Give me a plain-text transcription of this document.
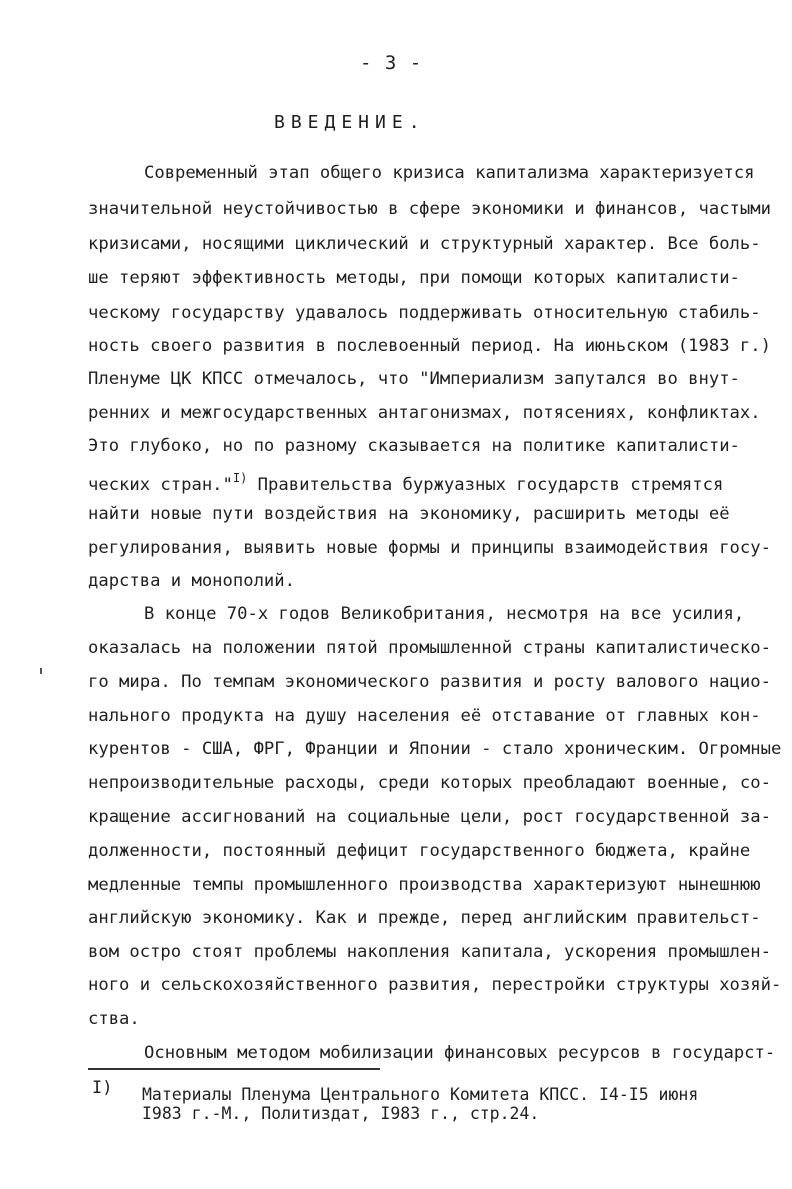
- 3 -
ВВЕДЕНИЕ.
Современный этап общего кризиса капитализма характеризуется
значительной неустойчивостью в сфере экономики и финансов, частыми
кризисами, носящими циклический и структурный характер. Все боль-
ше теряют эффективность методы, при помощи которых капиталисти-
ческому государству удавалось поддерживать относительную стабиль-
ность своего развития в послевоенный период. На июньском (1983 г.)
Пленуме ЦК КПСС отмечалось, что "Империализм запутался во внут-
ренних и межгосударственных антагонизмах, потясениях, конфликтах.
Это глубоко, но по разному сказывается на политике капиталисти-
ческих стран."$^{I)}$ Правительства буржуазных государств стремятся
найти новые пути воздействия на экономику, расширить методы её
регулирования, выявить новые формы и принципы взаимодействия госу-
дарства и монополий.
В конце 70-х годов Великобритания, несмотря на все усилия,
оказалась на положении пятой промышленной страны капиталистическо-
го мира. По темпам экономического развития и росту валового нацио-
нального продукта на душу населения её отставание от главных кон-
курентов - США, ФРГ, Франции и Японии - стало хроническим. Огромные
непроизводительные расходы, среди которых преобладают военные, со-
кращение ассигнований на социальные цели, рост государственной за-
долженности, постоянный дефицит государственного бюджета, крайне
медленные темпы промышленного производства характеризуют нынешнюю
английскую экономику. Как и прежде, перед английским правительст-
вом остро стоят проблемы накопления капитала, ускорения промышлен-
ного и сельскохозяйственного развития, перестройки структуры хозяй-
ства.
Основным методом мобилизации финансовых ресурсов в государст-
I) Материалы Пленума Центрального Комитета КПСС. I4-I5 июня
I983 г.-М., Политиздат, I983 г., стр.24.
